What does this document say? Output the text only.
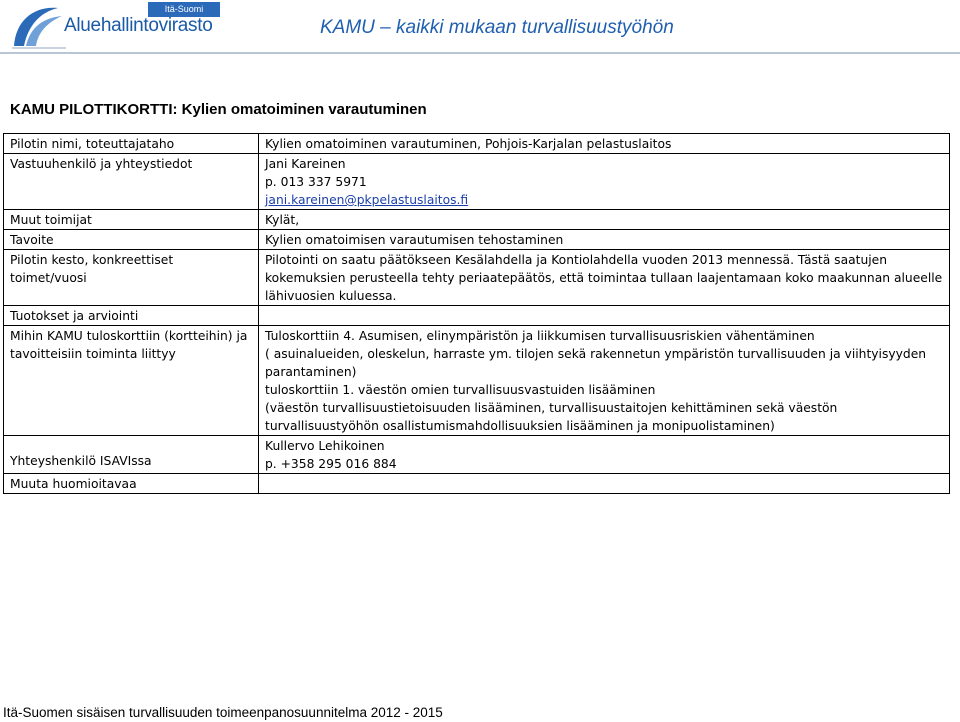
Itä-Suomi
Aluehallintovirasto	KAMU – kaikki mukaan turvallisuustyöhön
KAMU PILOTTIKORTTI: Kylien omatoiminen varautuminen
Pilotin nimi, toteuttajataho	Kylien omatoiminen varautuminen, Pohjois-Karjalan pelastuslaitos
Vastuuhenkilö ja yhteystiedot	Jani Kareinen
p. 013 337 5971
jani.kareinen@pkpelastuslaitos.fi

Muut toimijat	Kylät,
Tavoite	Kylien omatoimisen varautumisen tehostaminen
Pilotin kesto, konkreettiset toimet/vuosi	Pilotointi on saatu päätökseen Kesälahdella ja Kontiolahdella vuoden 2013 mennessä. Tästä saatujen kokemuksien perusteella tehty periaatepäätös, että toimintaa tullaan laajentamaan koko maakunnan alueelle lähivuosien kuluessa.
Tuotokset ja arviointi	
Mihin KAMU tuloskorttiin (kortteihin) ja tavoitteisiin toiminta liittyy	Tuloskorttiin 4. Asumisen, elinympäristön ja liikkumisen turvallisuusriskien vähentäminen
( asuinalueiden, oleskelun, harraste ym. tilojen sekä rakennetun ympäristön turvallisuuden ja viihtyisyyden parantaminen)
tuloskorttiin 1. väestön omien turvallisuusvastuiden lisääminen
(väestön turvallisuustietoisuuden lisääminen, turvallisuustaitojen kehittäminen sekä väestön turvallisuustyöhön osallistumismahdollisuuksien lisääminen ja monipuolistaminen)

Yhteyshenkilö ISAVIssa	Kullervo Lehikoinen
p. +358 295 016 884

Muuta huomioitavaa	
Itä-Suomen sisäisen turvallisuuden toimeenpanosuunnitelma 2012 - 2015
